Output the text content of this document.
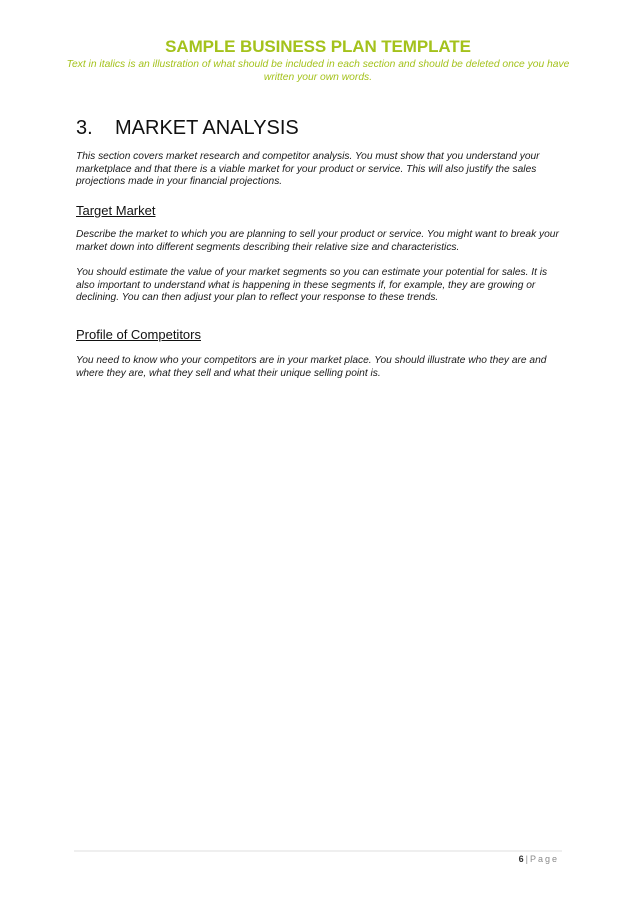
SAMPLE BUSINESS PLAN TEMPLATE
Text in italics is an illustration of what should be included in each section and should be deleted once you have written your own words.
3. MARKET ANALYSIS
This section covers market research and competitor analysis. You must show that you understand your marketplace and that there is a viable market for your product or service. This will also justify the sales projections made in your financial projections.
Target Market
Describe the market to which you are planning to sell your product or service. You might want to break your market down into different segments describing their relative size and characteristics.
You should estimate the value of your market segments so you can estimate your potential for sales. It is also important to understand what is happening in these segments if, for example, they are growing or declining. You can then adjust your plan to reflect your response to these trends.
Profile of Competitors
You need to know who your competitors are in your market place. You should illustrate who they are and where they are, what they sell and what their unique selling point is.
6 | Page
